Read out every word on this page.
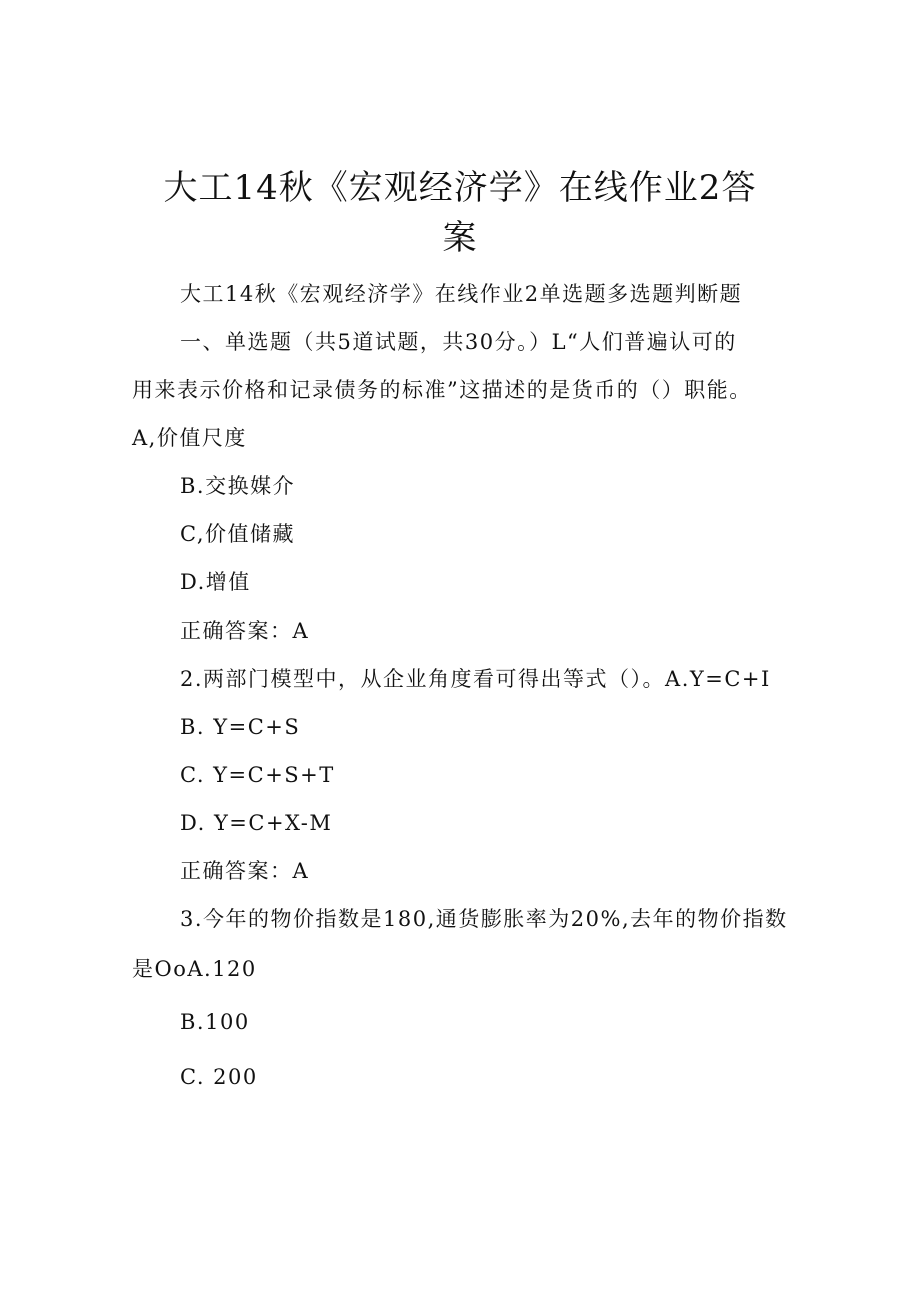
大工14秋《宏观经济学》在线作业2答
案
大工14秋《宏观经济学》在线作业2单选题多选题判断题
一、单选题（共5道试题，共30分。）L“人们普遍认可的
用来表示价格和记录债务的标准”这描述的是货币的（）职能。
A,价值尺度
B.交换媒介
C,价值储藏
D.增值
正确答案：A
2.两部门模型中，从企业角度看可得出等式（）。A.Y=C+I
B. Y=C+S
C. Y=C+S+T
D. Y=C+X-M
正确答案：A
3.今年的物价指数是180,通货膨胀率为20%,去年的物价指数
是OoA.120
B.100
C. 200
